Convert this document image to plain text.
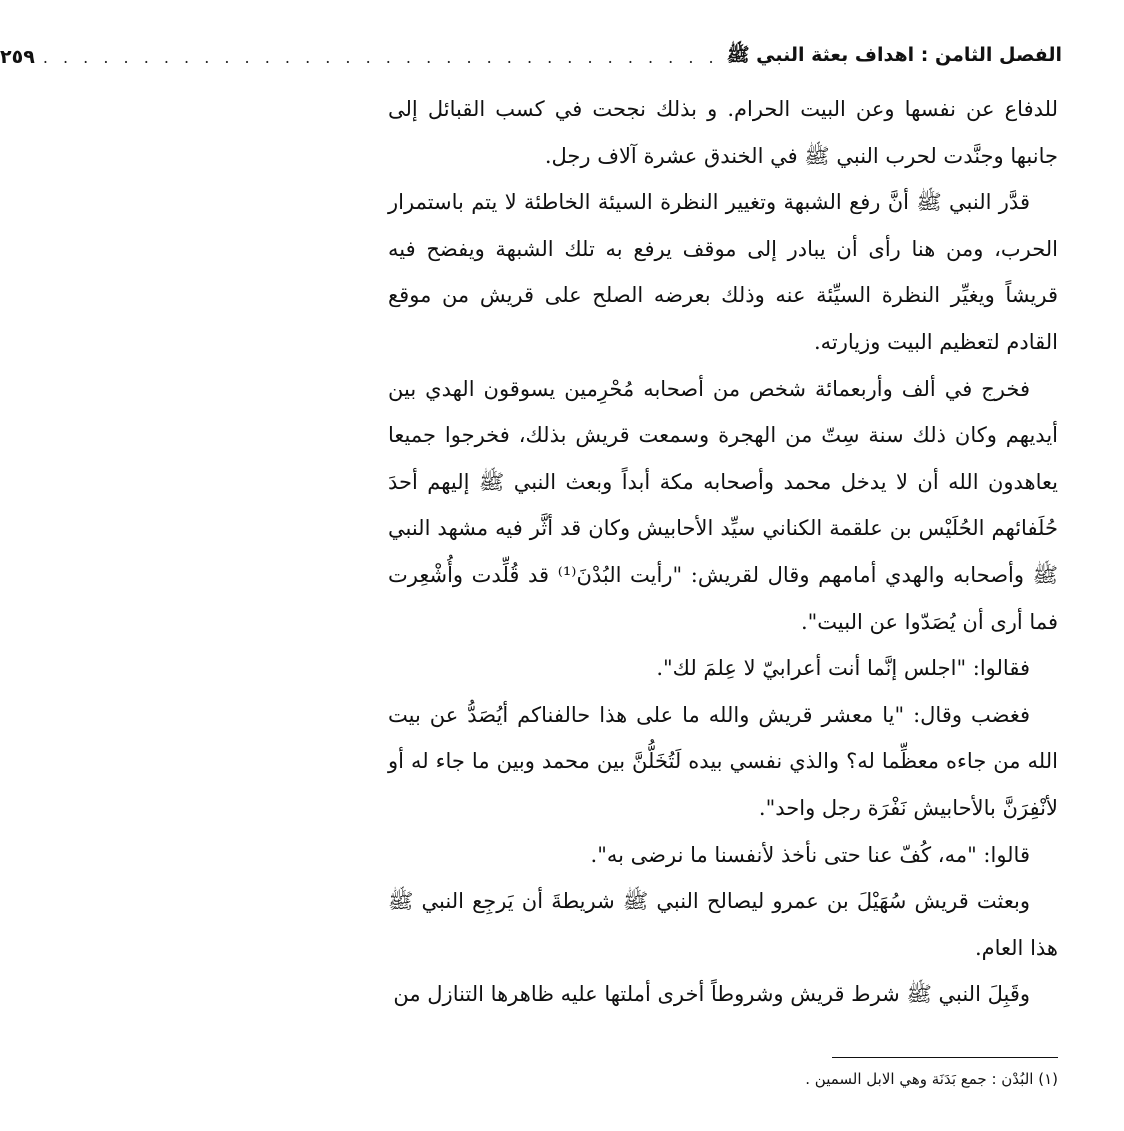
الفصل الثامن : اهداف بعثة النبي ﷺ
. . . . . . . . . . . . . . . . . . . . . . . . . . . . . . . . . .
٢٥٩

للدفاع عن نفسها وعن البيت الحرام. و بذلك نجحت في كسب القبائل إلى جانبها وجنَّدت لحرب النبي ﷺ في الخندق عشرة آلاف رجل.

قدَّر النبي ﷺ أنَّ رفع الشبهة وتغيير النظرة السيئة الخاطئة لا يتم باستمرار الحرب، ومن هنا رأى أن يبادر إلى موقف يرفع به تلك الشبهة ويفضح فيه قريشاً ويغيِّر النظرة السيِّئة عنه وذلك بعرضه الصلح على قريش من موقع القادم لتعظيم البيت وزيارته.

فخرج في ألف وأربعمائة شخص من أصحابه مُحْرِمين يسوقون الهدي بين أيديهم وكان ذلك سنة سِتّ من الهجرة وسمعت قريش بذلك، فخرجوا جميعا يعاهدون الله أن لا يدخل محمد وأصحابه مكة أبداً وبعث النبي ﷺ إليهم أحدَ حُلَفائهم الحُلَيْس بن علقمة الكناني سيِّد الأحابيش وكان قد أثَّر فيه مشهد النبي ﷺ وأصحابه والهدي أمامهم وقال لقريش: "رأيت البُدْنَ⁽¹⁾ قد قُلِّدت وأُشْعِرت فما أرى أن يُصَدّوا عن البيت".

فقالوا: "اجلس إنَّما أنت أعرابيّ لا عِلمَ لك".

فغضب وقال: "يا معشر قريش والله ما على هذا حالفناكم أيُصَدُّ عن بيت الله من جاءه معظِّما له؟ والذي نفسي بيده لَتُخَلُّنَّ بين محمد وبين ما جاء له أو لأنْفِرَنَّ بالأحابيش نَفْرَة رجل واحد".

قالوا: "مه، كُفّ عنا حتى نأخذ لأنفسنا ما نرضى به".

وبعثت قريش سُهَيْلَ بن عمرو ليصالح النبي ﷺ شريطةَ أن يَرجِع النبي ﷺ هذا العام.

وقَبِلَ النبي ﷺ شرط قريش وشروطاً أخرى أملتها عليه ظاهرها التنازل من

(١) البُدْن : جمع بَدَنَة وهي الابل السمين .
